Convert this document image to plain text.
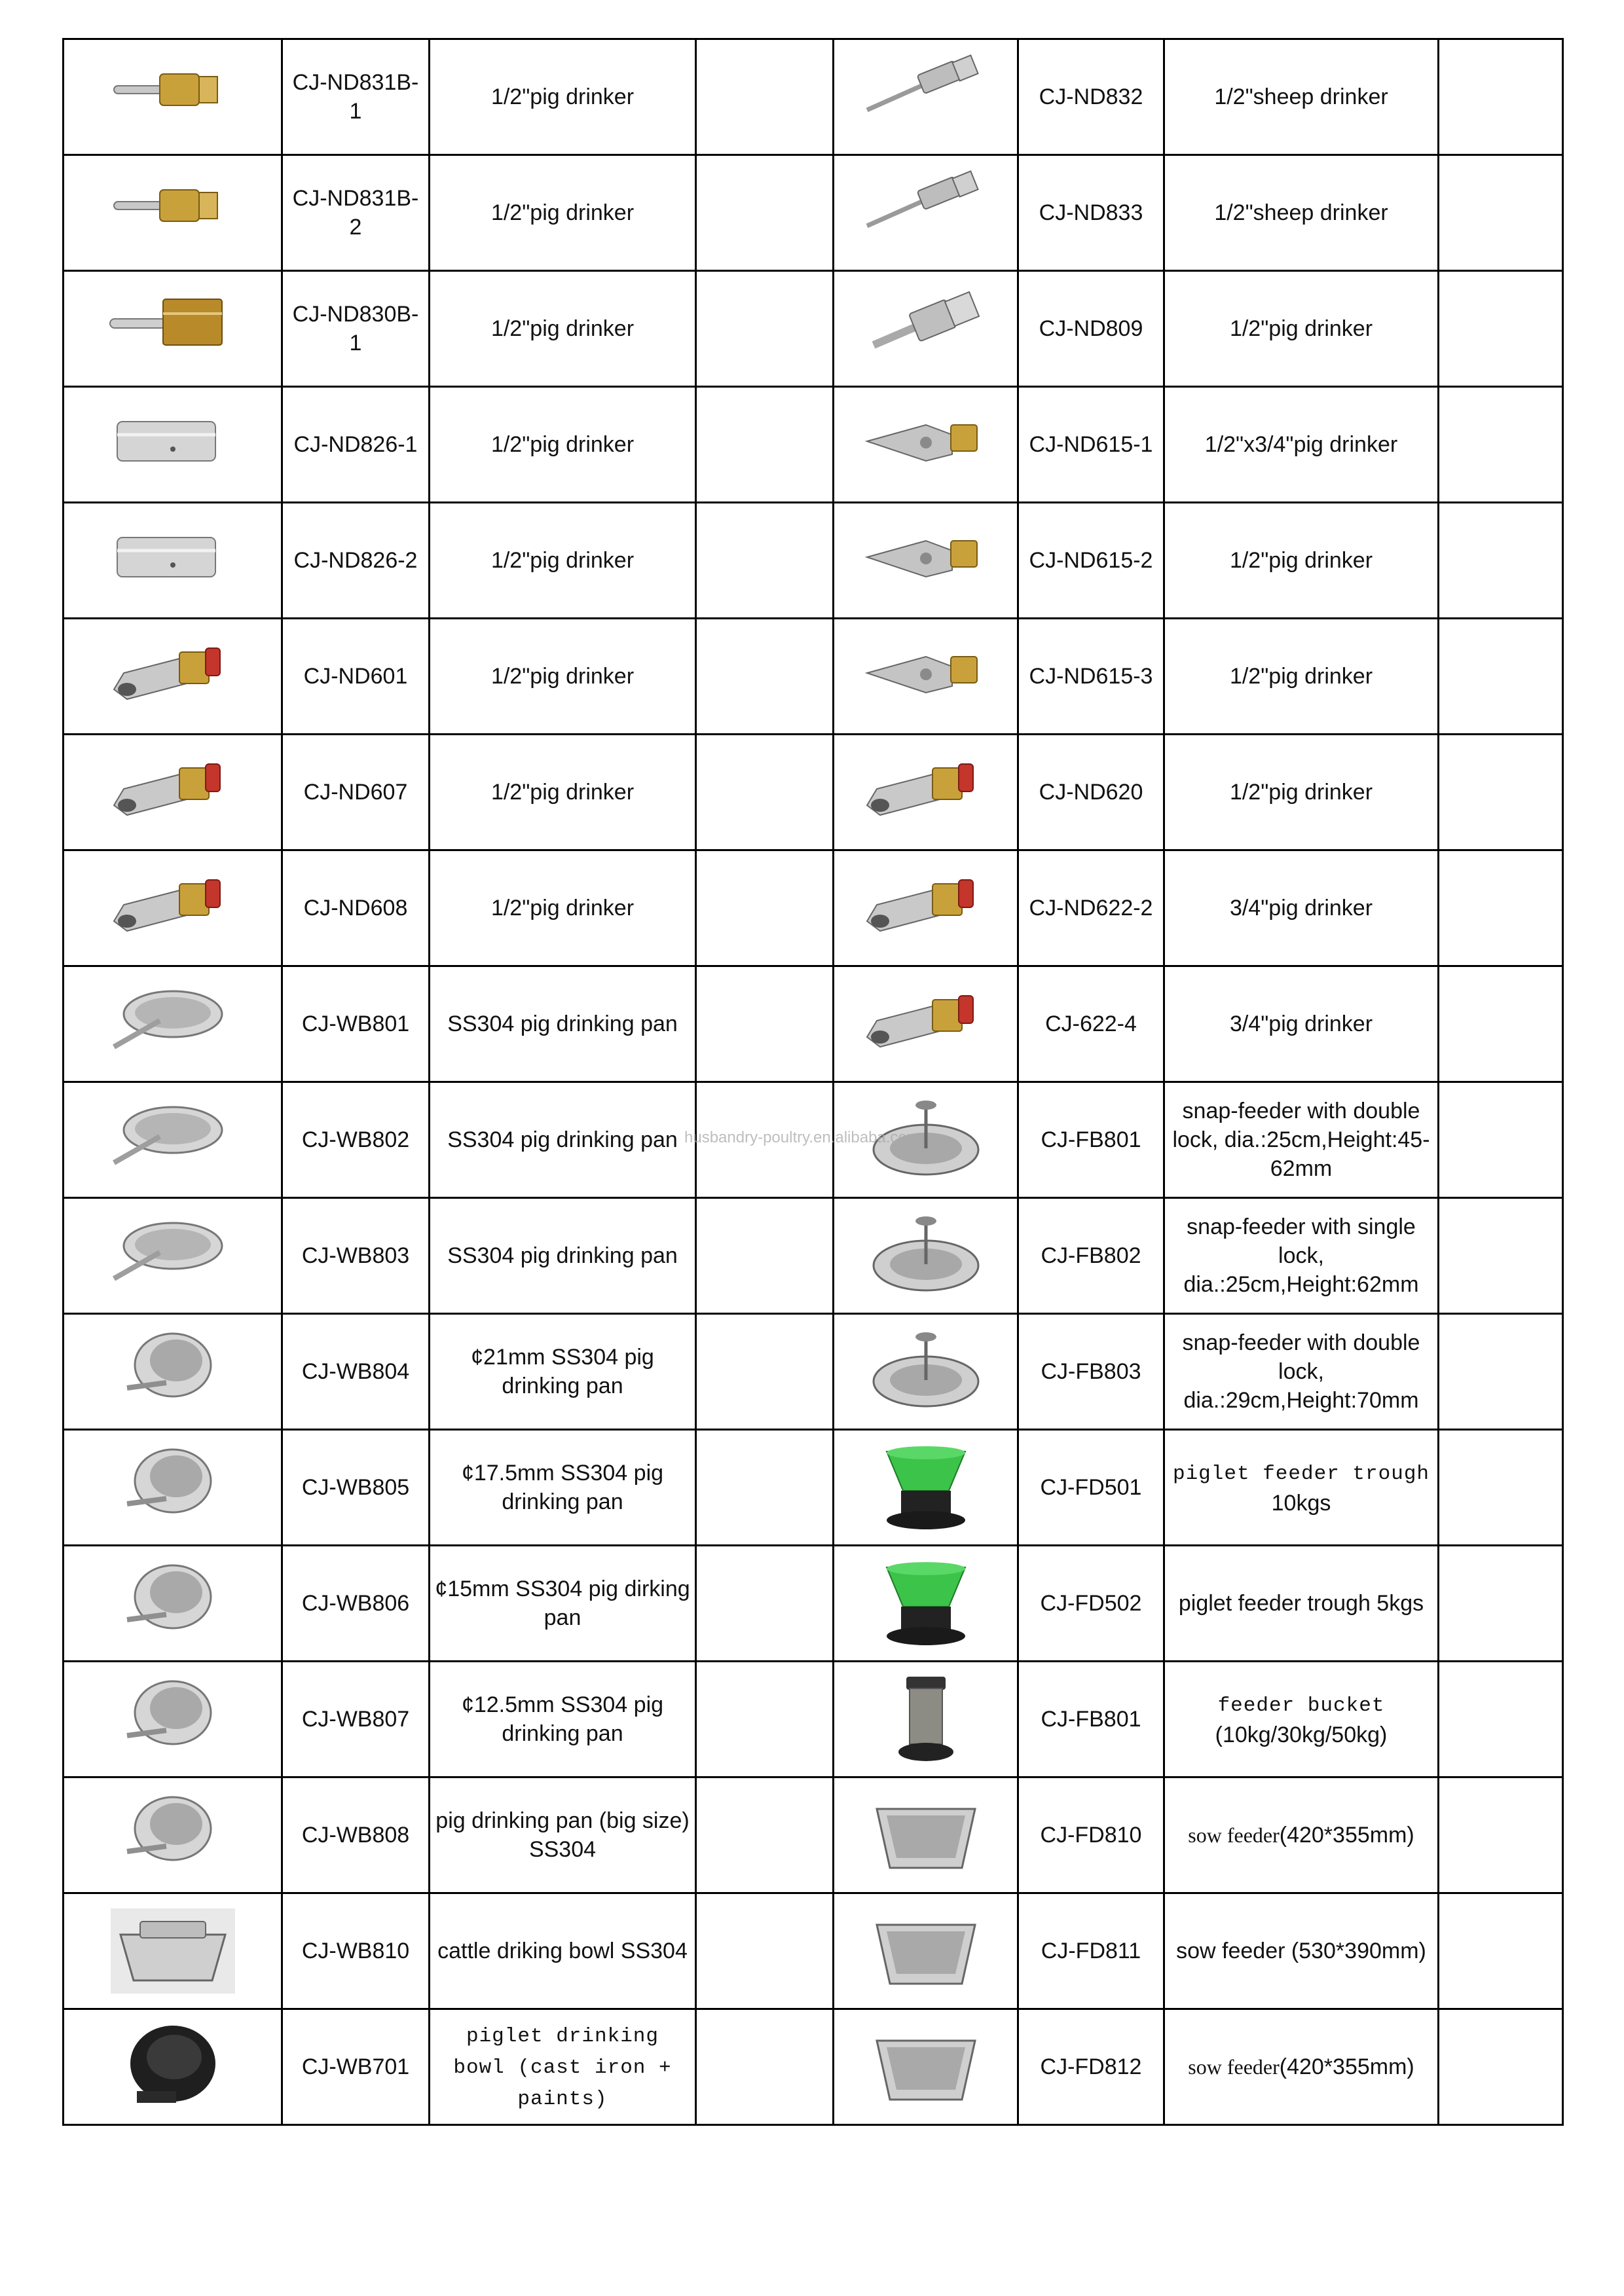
	CJ-ND831B-1	1/2"pig drinker			CJ-ND832	1/2"sheep drinker	

	CJ-ND831B-2	1/2"pig drinker			CJ-ND833	1/2"sheep drinker	

	CJ-ND830B-1	1/2"pig drinker			CJ-ND809	1/2"pig drinker	

	CJ-ND826-1	1/2"pig drinker			CJ-ND615-1	1/2"x3/4"pig drinker	

	CJ-ND826-2	1/2"pig drinker			CJ-ND615-2	1/2"pig drinker	

	CJ-ND601	1/2"pig drinker			CJ-ND615-3	1/2"pig drinker	

	CJ-ND607	1/2"pig drinker			CJ-ND620	1/2"pig drinker	

	CJ-ND608	1/2"pig drinker			CJ-ND622-2	3/4"pig drinker	

	CJ-WB801	SS304 pig drinking pan			CJ-622-4	3/4"pig drinker	

	CJ-WB802	SS304 pig drinking pan			CJ-FB801	snap-feeder with double lock, dia.:25cm,Height:45-62mm	

	CJ-WB803	SS304 pig drinking pan			CJ-FB802	snap-feeder with single lock, dia.:25cm,Height:62mm	

	CJ-WB804	¢21mm SS304 pig drinking pan			CJ-FB803	snap-feeder with double lock, dia.:29cm,Height:70mm	

	CJ-WB805	¢17.5mm SS304 pig drinking pan			CJ-FD501	piglet feeder trough
10kgs	

	CJ-WB806	¢15mm SS304 pig dirking pan			CJ-FD502	piglet feeder trough 5kgs	

	CJ-WB807	¢12.5mm SS304 pig drinking pan			CJ-FB801	feeder bucket
(10kg/30kg/50kg)	

	CJ-WB808	pig drinking pan (big size) SS304			CJ-FD810	sow feeder(420*355mm)	

	CJ-WB810	cattle driking bowl SS304			CJ-FD811	sow feeder (530*390mm)	

	CJ-WB701	piglet drinking bowl (cast iron + paints)			CJ-FD812	sow feeder(420*355mm)	
husbandry-poultry.en.alibaba.com
